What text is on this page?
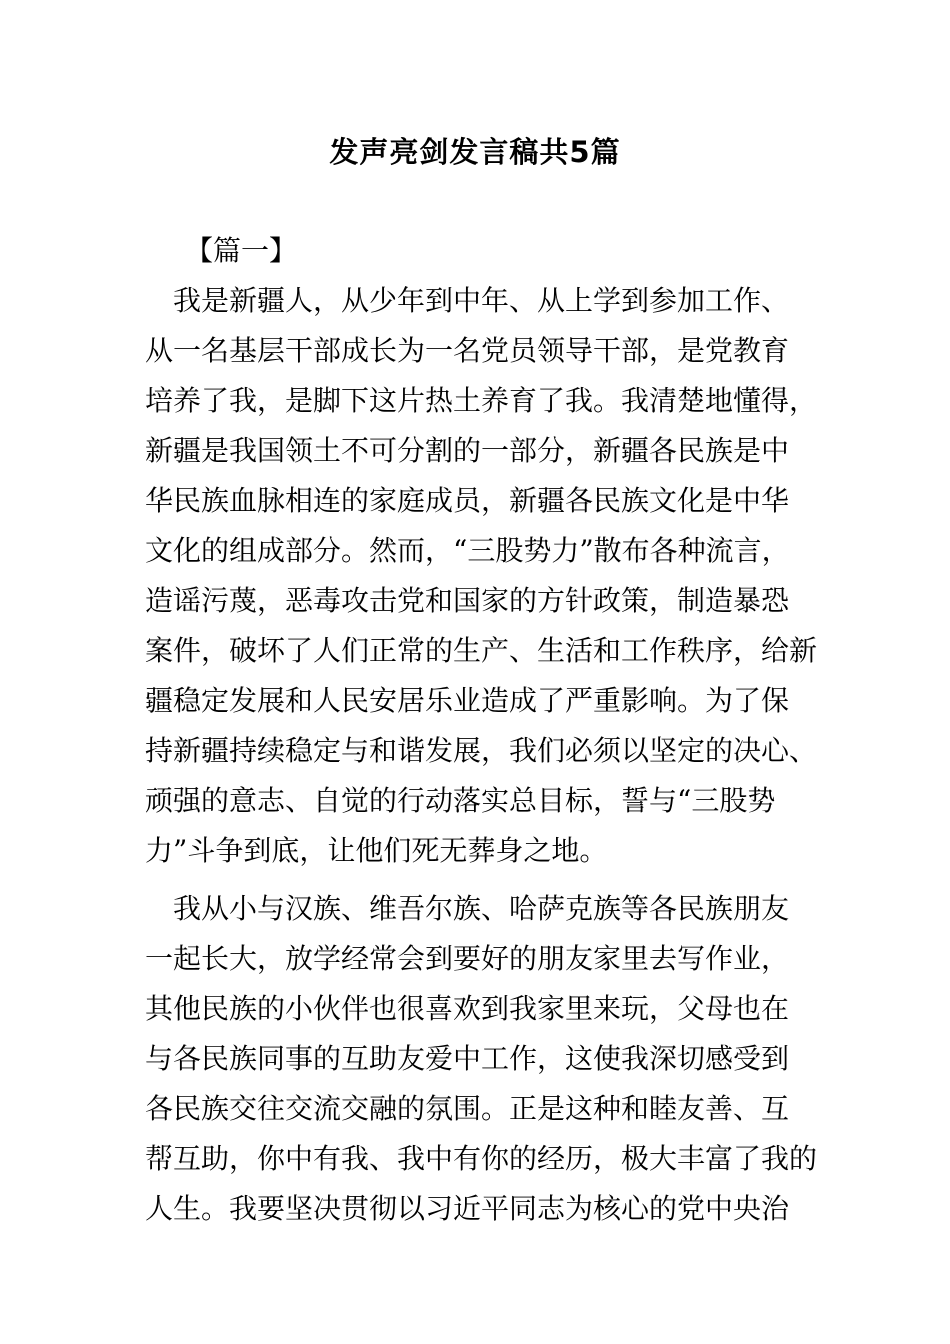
发声亮剑发言稿共5篇
【篇一】
　我是新疆人，从少年到中年、从上学到参加工作、
从一名基层干部成长为一名党员领导干部，是党教育
培养了我，是脚下这片热土养育了我。我清楚地懂得，
新疆是我国领土不可分割的一部分，新疆各民族是中
华民族血脉相连的家庭成员，新疆各民族文化是中华
文化的组成部分。然而，“三股势力”散布各种流言，
造谣污蔑，恶毒攻击党和国家的方针政策，制造暴恐
案件，破坏了人们正常的生产、生活和工作秩序，给新
疆稳定发展和人民安居乐业造成了严重影响。为了保
持新疆持续稳定与和谐发展，我们必须以坚定的决心、
顽强的意志、自觉的行动落实总目标，誓与“三股势
力”斗争到底，让他们死无葬身之地。
　我从小与汉族、维吾尔族、哈萨克族等各民族朋友
一起长大，放学经常会到要好的朋友家里去写作业，
其他民族的小伙伴也很喜欢到我家里来玩，父母也在
与各民族同事的互助友爱中工作，这使我深切感受到
各民族交往交流交融的氛围。正是这种和睦友善、互
帮互助，你中有我、我中有你的经历，极大丰富了我的
人生。我要坚决贯彻以习近平同志为核心的党中央治
